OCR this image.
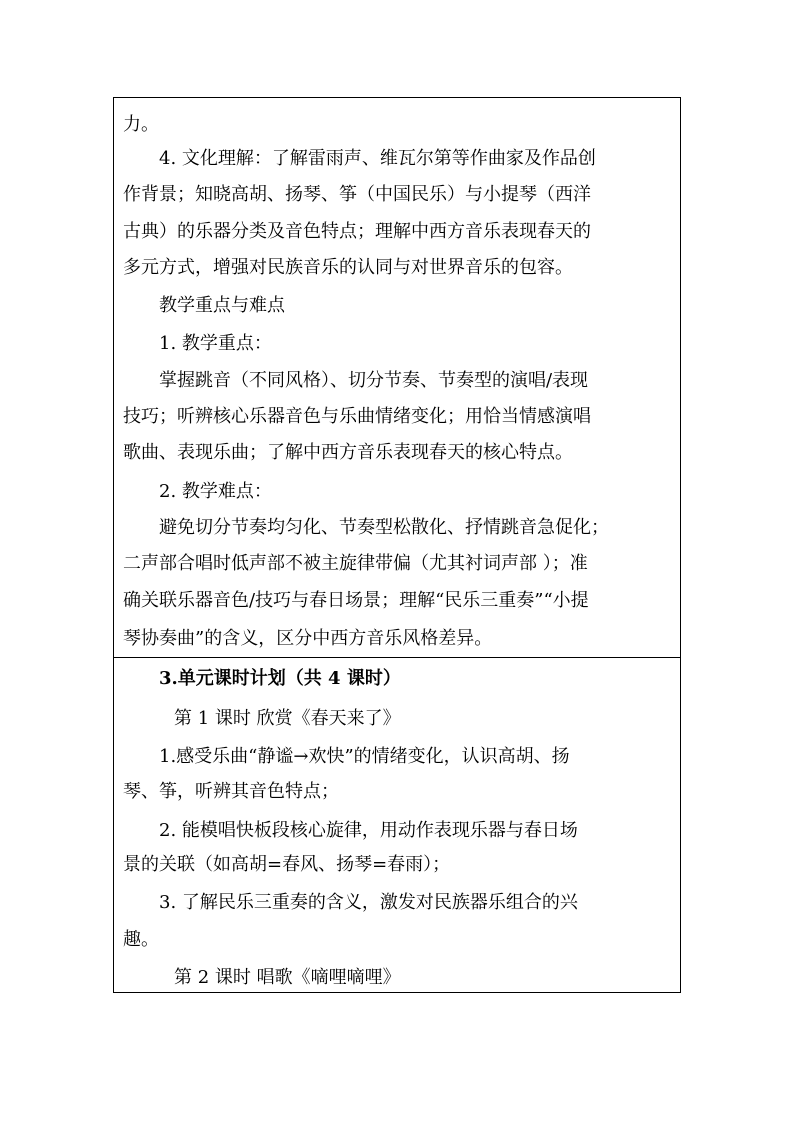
力。
4. 文化理解：了解雷雨声、维瓦尔第等作曲家及作品创
作背景；知晓高胡、扬琴、筝（中国民乐）与小提琴（西洋
古典）的乐器分类及音色特点；理解中西方音乐表现春天的
多元方式，增强对民族音乐的认同与对世界音乐的包容。
教学重点与难点
1. 教学重点：
掌握跳音（不同风格）、切分节奏、节奏型的演唱/表现
技巧；听辨核心乐器音色与乐曲情绪变化；用恰当情感演唱
歌曲、表现乐曲；了解中西方音乐表现春天的核心特点。
2. 教学难点：
避免切分节奏均匀化、节奏型松散化、抒情跳音急促化；
二声部合唱时低声部不被主旋律带偏（尤其衬词声部 ）；准
确关联乐器音色/技巧与春日场景；理解“民乐三重奏”“小提
琴协奏曲”的含义，区分中西方音乐风格差异。
3.单元课时计划（共 4 课时）
第 1 课时 欣赏《春天来了》
1.感受乐曲“静谧→欢快”的情绪变化，认识高胡、扬
琴、筝，听辨其音色特点；
2. 能模唱快板段核心旋律，用动作表现乐器与春日场
景的关联（如高胡=春风、扬琴=春雨）；
3. 了解民乐三重奏的含义，激发对民族器乐组合的兴
趣。
第 2 课时 唱歌《嘀哩嘀哩》
